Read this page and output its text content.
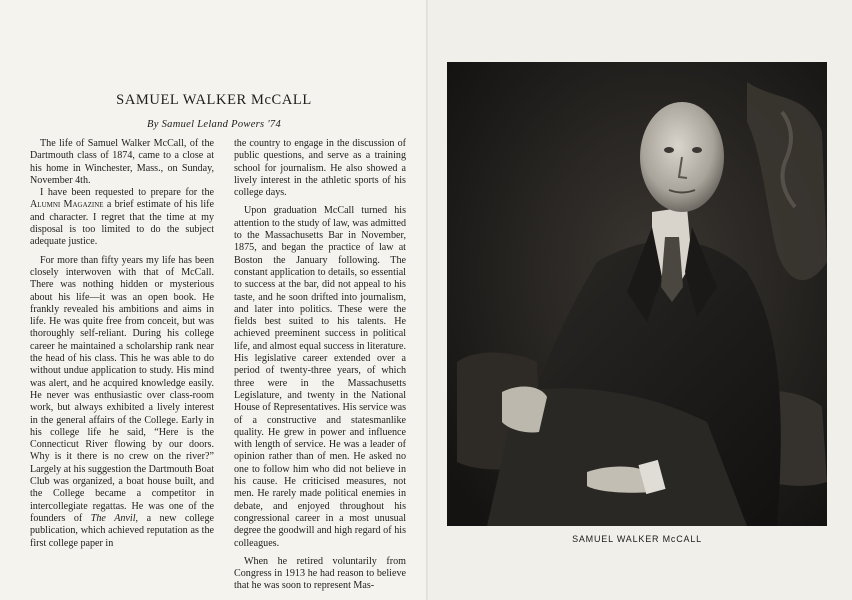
SAMUEL WALKER McCALL

By Samuel Leland Powers '74

The life of Samuel Walker McCall, of the Dartmouth class of 1874, came to a close at his home in Winchester, Mass., on Sunday, November 4th.

I have been requested to prepare for the Alumni Magazine a brief estimate of his life and character. I regret that the time at my disposal is too limited to do the subject adequate justice.

For more than fifty years my life has been closely interwoven with that of McCall. There was nothing hidden or mysterious about his life—it was an open book. He frankly revealed his ambitions and aims in life. He was quite free from conceit, but was thoroughly self-reliant. During his college career he maintained a scholarship rank near the head of his class. This he was able to do without undue application to study. His mind was alert, and he acquired knowledge easily. He never was enthusiastic over class-room work, but always exhibited a lively interest in the general affairs of the College. Early in his college life he said, “Here is the Connecticut River flowing by our doors. Why is it there is no crew on the river?” Largely at his suggestion the Dartmouth Boat Club was organized, a boat house built, and the College became a competitor in intercollegiate regattas. He was one of the founders of The Anvil, a new college publication, which achieved reputation as the first college paper in

the country to engage in the discussion of public questions, and serve as a training school for journalism. He also showed a lively interest in the athletic sports of his college days.

Upon graduation McCall turned his attention to the study of law, was admitted to the Massachusetts Bar in November, 1875, and began the practice of law at Boston the January following. The constant application to details, so essential to success at the bar, did not appeal to his taste, and he soon drifted into journalism, and later into politics. These were the fields best suited to his talents. He achieved preeminent success in political life, and almost equal success in literature. His legislative career extended over a period of twenty-three years, of which three were in the Massachusetts Legislature, and twenty in the National House of Representatives. His service was of a constructive and statesmanlike quality. He grew in power and influence with length of service. He was a leader of opinion rather than of men. He asked no one to follow him who did not believe in his cause. He criticised measures, not men. He rarely made political enemies in debate, and enjoyed throughout his congressional career in a most unusual degree the goodwill and high regard of his colleagues.

When he retired voluntarily from Congress in 1913 he had reason to believe that he was soon to represent Mas-

SAMUEL WALKER McCALL
